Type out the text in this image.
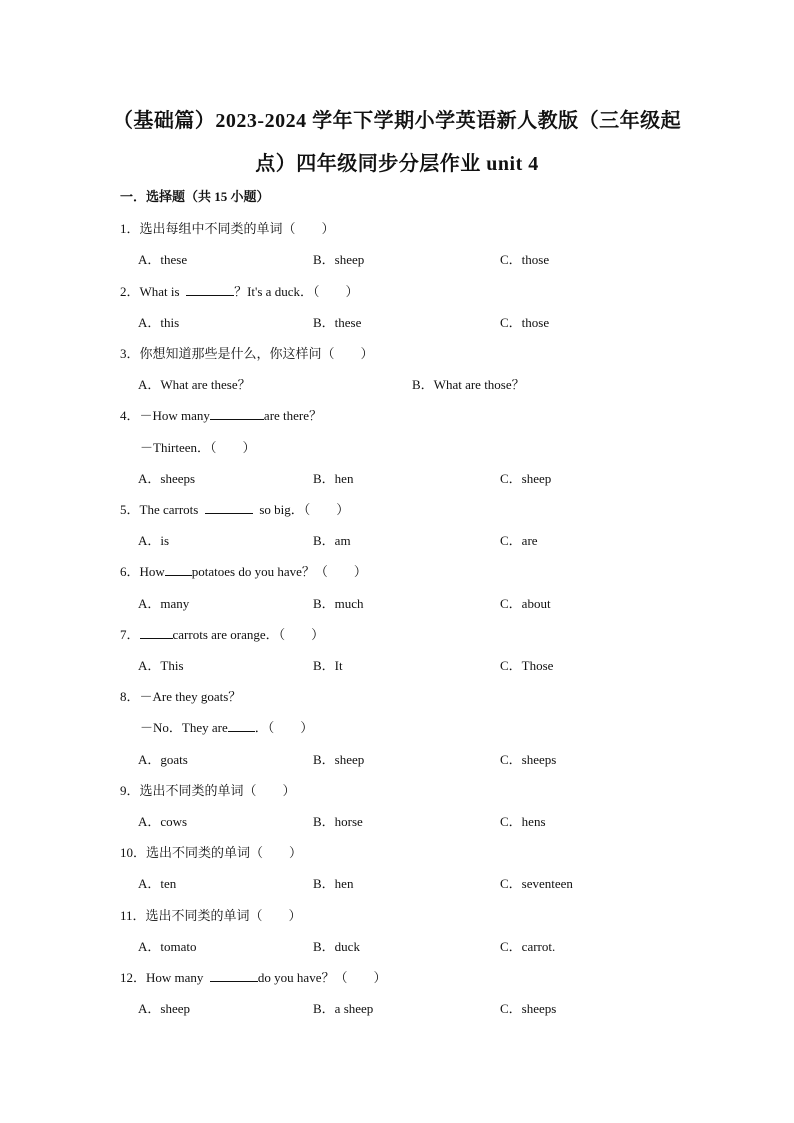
（基础篇）2023-2024 学年下学期小学英语新人教版（三年级起
点）四年级同步分层作业 unit 4
一．选择题（共 15 小题）
1．选出每组中不同类的单词（　　）
A．these	B．sheep	C．those
2．What is	？It's a duck．（　　）
A．this	B．these	C．those
3．你想知道那些是什么，你这样问（　　）
A．What are these？	B．What are those？
4．－How many	are there？
－Thirteen．（　　）
A．sheeps	B．hen	C．sheep
5．The carrots	so big．（　　）
A．is	B．am	C．are
6．How potatoes do you have？（　　）
A．many	B．much	C．about
7．	carrots are orange．（　　）
A．This	B．It	C．Those
8．－Are they goats？
－No．They are ．（　　）
A．goats	B．sheep	C．sheeps
9．选出不同类的单词（　　）
A．cows	B．horse	C．hens
10．选出不同类的单词（　　）
A．ten	B．hen	C．seventeen
11．选出不同类的单词（　　）
A．tomato	B．duck	C．carrot.
12．How many	do you have？（　　）
A．sheep	B．a sheep	C．sheeps
